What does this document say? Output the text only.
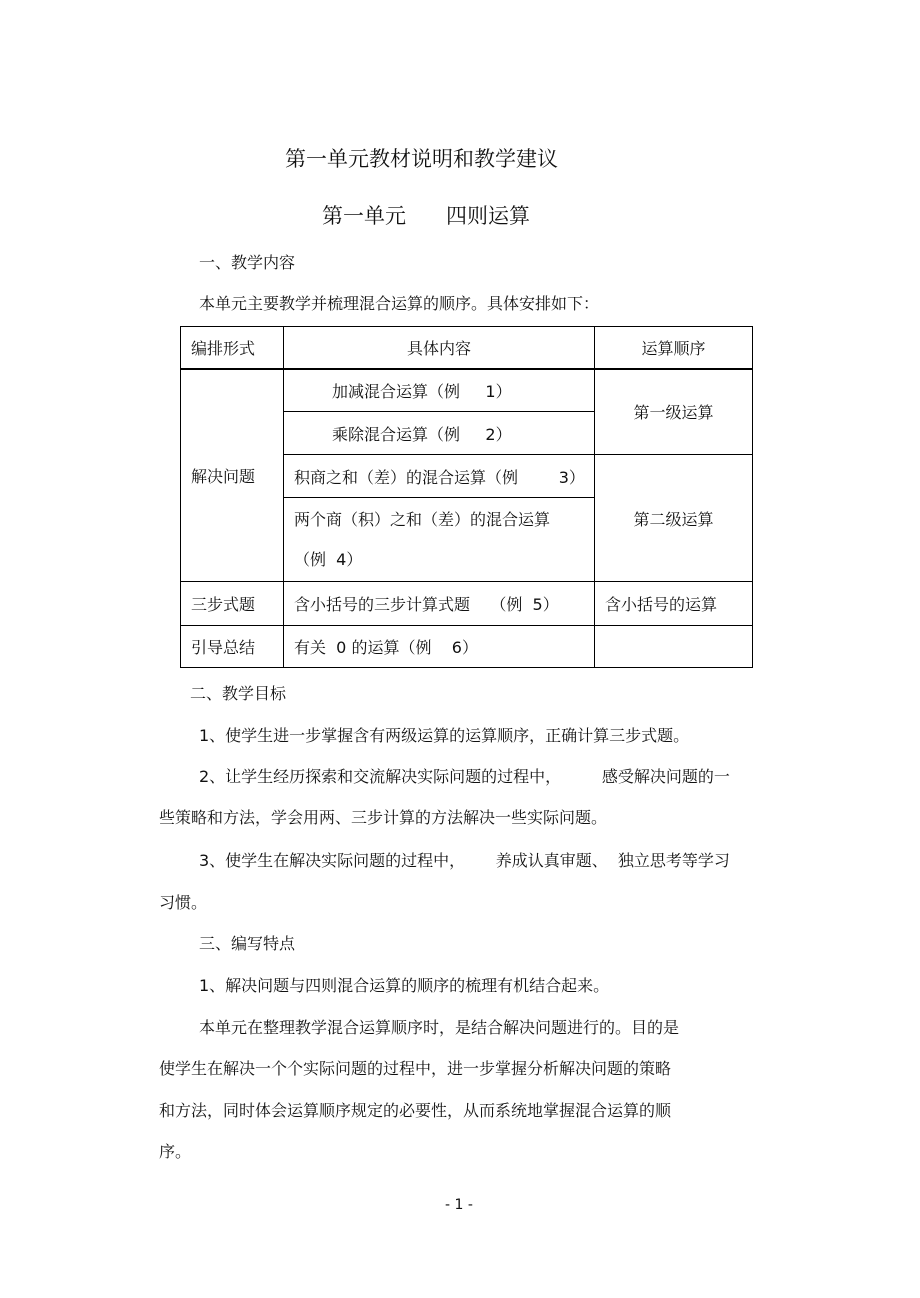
第一单元教材说明和教学建议
第一单元      四则运算
一、教学内容
本单元主要教学并梳理混合运算的顺序。具体安排如下：
编排形式	具体内容	运算顺序
解决问题	加减混合运算（例     1）	第一级运算
	乘除混合运算（例     2）	
	积商之和（差）的混合运算（例        3）	第二级运算
	两个商（积）之和（差）的混合运算
（例  4）	
三步式题	含小括号的三步计算式题    （例  5）	含小括号的运算
引导总结	有关  0 的运算（例    6）	
二、教学目标
1、使学生进一步掌握含有两级运算的运算顺序，正确计算三步式题。
2、让学生经历探索和交流解决实际问题的过程中，        感受解决问题的一
些策略和方法，学会用两、三步计算的方法解决一些实际问题。
3、使学生在解决实际问题的过程中，      养成认真审题、  独立思考等学习
习惯。
三、编写特点
1、解决问题与四则混合运算的顺序的梳理有机结合起来。
本单元在整理教学混合运算顺序时，是结合解决问题进行的。目的是
使学生在解决一个个实际问题的过程中，进一步掌握分析解决问题的策略
和方法，同时体会运算顺序规定的必要性，从而系统地掌握混合运算的顺
序。
- 1 -
